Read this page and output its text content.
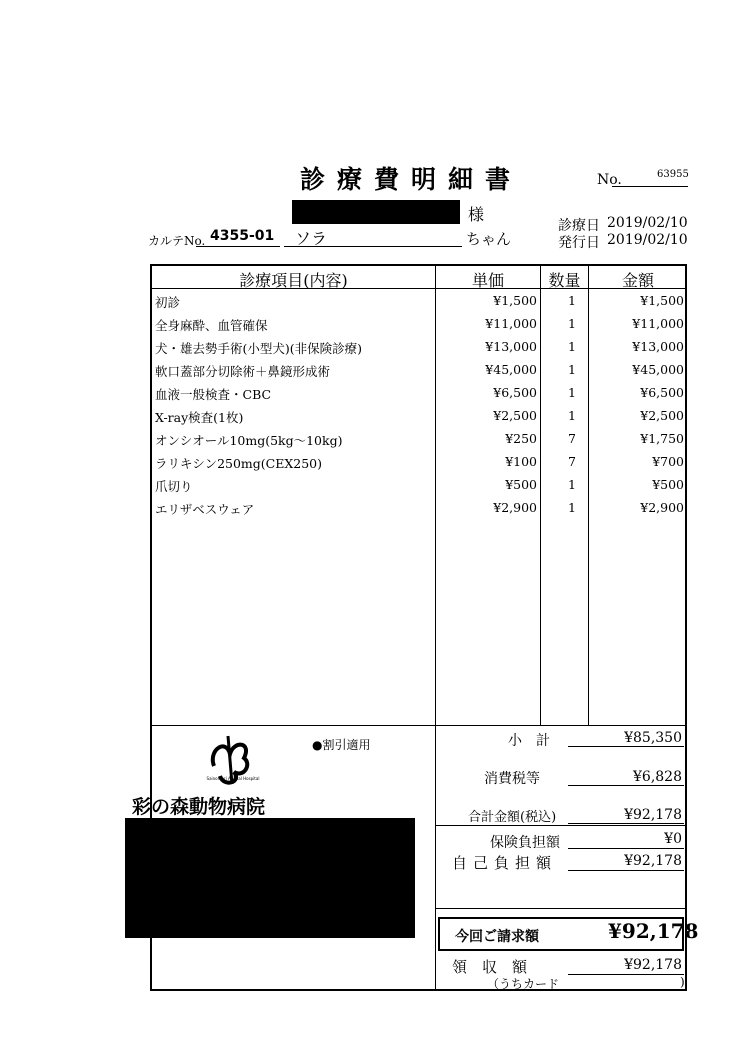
診療費明細書	No.	63955
様
カルテNo. 4355-01 ソラ	ちゃん
診療日 2019/02/10
発行日 2019/02/10
診療項目(内容)	単価	数量	金額
初診	¥1,500	1	¥1,500
全身麻酔、血管確保	¥11,000	1	¥11,000
犬・雄去勢手術(小型犬)(非保険診療)	¥13,000	1	¥13,000
軟口蓋部分切除術＋鼻鏡形成術	¥45,000	1	¥45,000
血液一般検査・CBC	¥6,500	1	¥6,500
X-ray検査(1枚)	¥2,500	1	¥2,500
オンシオール10mg(5kg～10kg)	¥250	7	¥1,750
ラリキシン250mg(CEX250)	¥100	7	¥700
爪切り	¥500	1	¥500
エリザベスウェア	¥2,900	1	¥2,900
Sainomori Animal Hospital
●割引適用
彩の森動物病院
小　計	¥85,350
消費税等	¥6,828
合計金額(税込)	¥92,178
保険負担額	¥0
自己負担額	¥92,178
今回ご請求額	¥92,178
領　収　額	¥92,178
（うちカード	)
